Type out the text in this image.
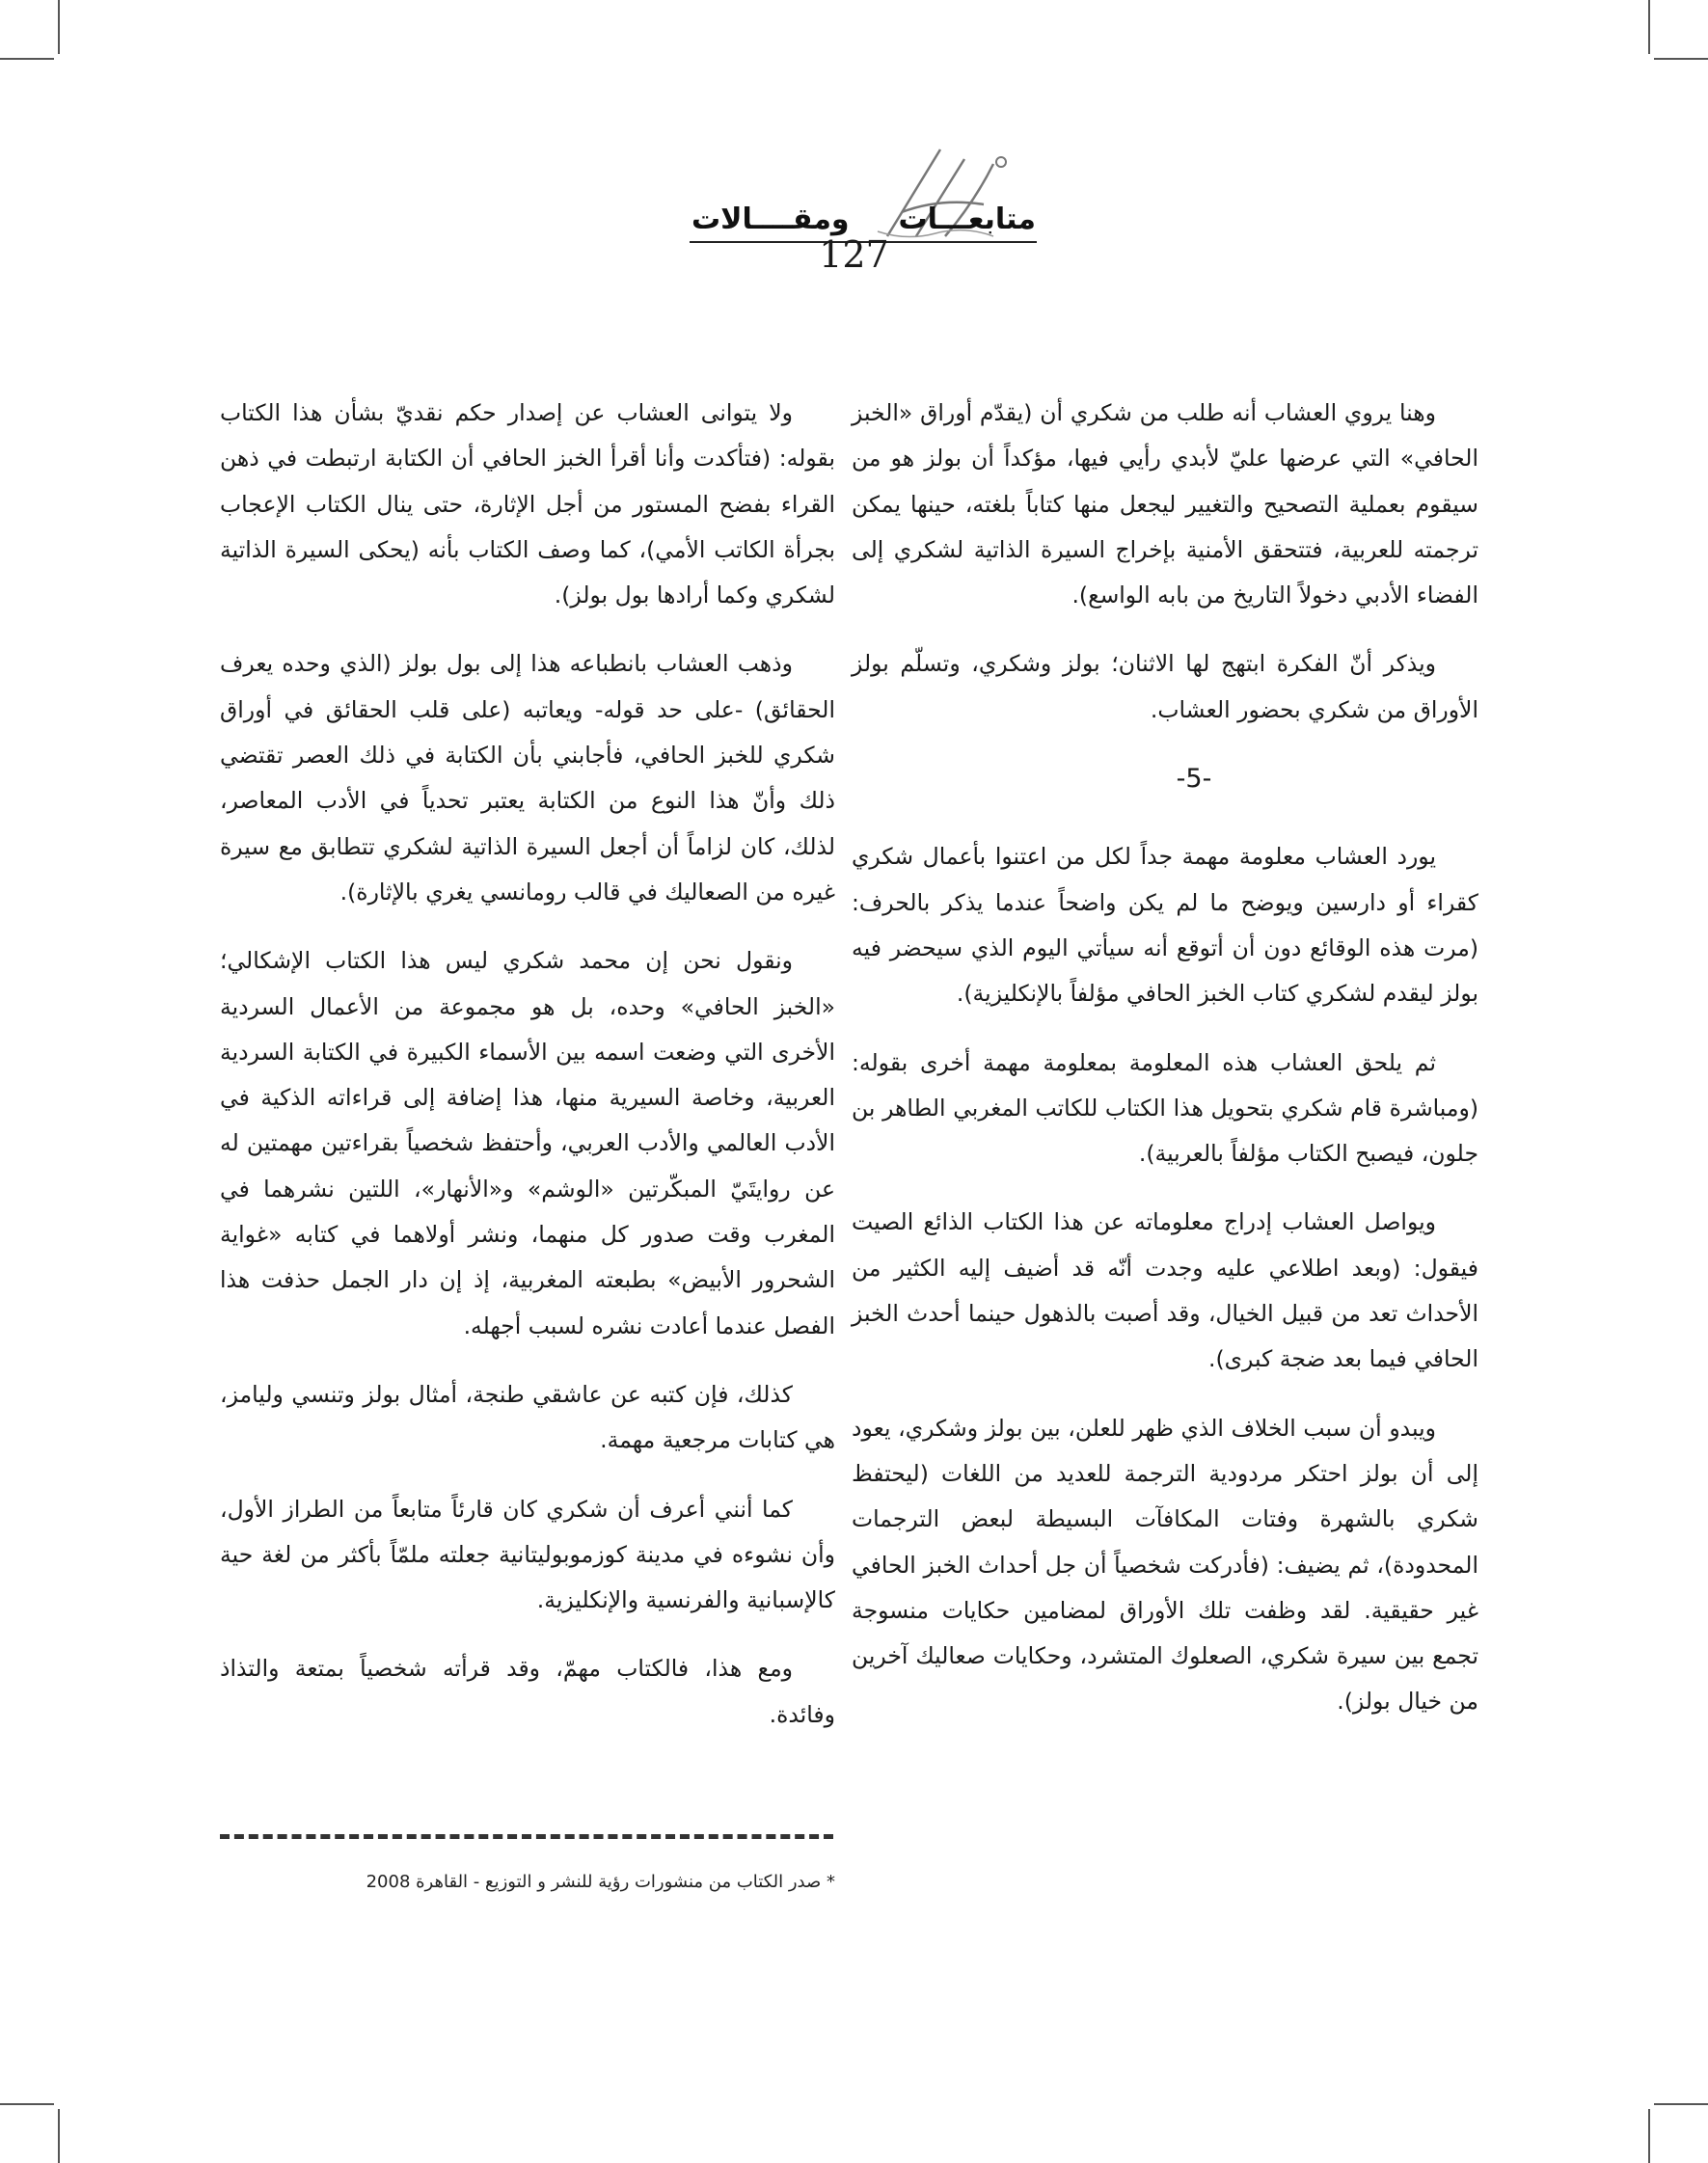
متابعـــات
ومقــــالات
127

وهنا يروي العشاب أنه طلب من شكري أن (يقدّم أوراق «الخبز الحافي» التي عرضها عليّ لأبدي رأيي فيها، مؤكداً أن بولز هو من سيقوم بعملية التصحيح والتغيير ليجعل منها كتاباً بلغته، حينها يمكن ترجمته للعربية، فتتحقق الأمنية بإخراج السيرة الذاتية لشكري إلى الفضاء الأدبي دخولاً التاريخ من بابه الواسع).

ويذكر أنّ الفكرة ابتهج لها الاثنان؛ بولز وشكري، وتسلّم بولز الأوراق من شكري بحضور العشاب.

-5-

يورد العشاب معلومة مهمة جداً لكل من اعتنوا بأعمال شكري كقراء أو دارسين ويوضح ما لم يكن واضحاً عندما يذكر بالحرف: (مرت هذه الوقائع دون أن أتوقع أنه سيأتي اليوم الذي سيحضر فيه بولز ليقدم لشكري كتاب الخبز الحافي مؤلفاً بالإنكليزية).

ثم يلحق العشاب هذه المعلومة بمعلومة مهمة أخرى بقوله: (ومباشرة قام شكري بتحويل هذا الكتاب للكاتب المغربي الطاهر بن جلون، فيصبح الكتاب مؤلفاً بالعربية).

ويواصل العشاب إدراج معلوماته عن هذا الكتاب الذائع الصيت فيقول: (وبعد اطلاعي عليه وجدت أنّه قد أضيف إليه الكثير من الأحداث تعد من قبيل الخيال، وقد أصبت بالذهول حينما أحدث الخبز الحافي فيما بعد ضجة كبرى).

ويبدو أن سبب الخلاف الذي ظهر للعلن، بين بولز وشكري، يعود إلى أن بولز احتكر مردودية الترجمة للعديد من اللغات (ليحتفظ شكري بالشهرة وفتات المكافآت البسيطة لبعض الترجمات المحدودة)، ثم يضيف: (فأدركت شخصياً أن جل أحداث الخبز الحافي غير حقيقية. لقد وظفت تلك الأوراق لمضامين حكايات منسوجة تجمع بين سيرة شكري، الصعلوك المتشرد، وحكايات صعاليك آخرين من خيال بولز).

ولا يتوانى العشاب عن إصدار حكم نقديّ بشأن هذا الكتاب بقوله: (فتأكدت وأنا أقرأ الخبز الحافي أن الكتابة ارتبطت في ذهن القراء بفضح المستور من أجل الإثارة، حتى ينال الكتاب الإعجاب بجرأة الكاتب الأمي)، كما وصف الكتاب بأنه (يحكى السيرة الذاتية لشكري وكما أرادها بول بولز).

وذهب العشاب بانطباعه هذا إلى بول بولز (الذي وحده يعرف الحقائق) -على حد قوله- ويعاتبه (على قلب الحقائق في أوراق شكري للخبز الحافي، فأجابني بأن الكتابة في ذلك العصر تقتضي ذلك وأنّ هذا النوع من الكتابة يعتبر تحدياً في الأدب المعاصر، لذلك، كان لزاماً أن أجعل السيرة الذاتية لشكري تتطابق مع سيرة غيره من الصعاليك في قالب رومانسي يغري بالإثارة).

ونقول نحن إن محمد شكري ليس هذا الكتاب الإشكالي؛ «الخبز الحافي» وحده، بل هو مجموعة من الأعمال السردية الأخرى التي وضعت اسمه بين الأسماء الكبيرة في الكتابة السردية العربية، وخاصة السيرية منها، هذا إضافة إلى قراءاته الذكية في الأدب العالمي والأدب العربي، وأحتفظ شخصياً بقراءتين مهمتين له عن روايتَيّ المبكّرتين «الوشم» و«الأنهار»، اللتين نشرهما في المغرب وقت صدور كل منهما، ونشر أولاهما في كتابه «غواية الشحرور الأبيض» بطبعته المغربية، إذ إن دار الجمل حذفت هذا الفصل عندما أعادت نشره لسبب أجهله.

كذلك، فإن كتبه عن عاشقي طنجة، أمثال بولز وتنسي وليامز، هي كتابات مرجعية مهمة.

كما أنني أعرف أن شكري كان قارئاً متابعاً من الطراز الأول، وأن نشوءه في مدينة كوزموبوليتانية جعلته ملمّاً بأكثر من لغة حية كالإسبانية والفرنسية والإنكليزية.

ومع هذا، فالكتاب مهمّ، وقد قرأته شخصياً بمتعة والتذاذ وفائدة.

* صدر الكتاب من منشورات رؤية للنشر و التوزيع - القاهرة 2008
